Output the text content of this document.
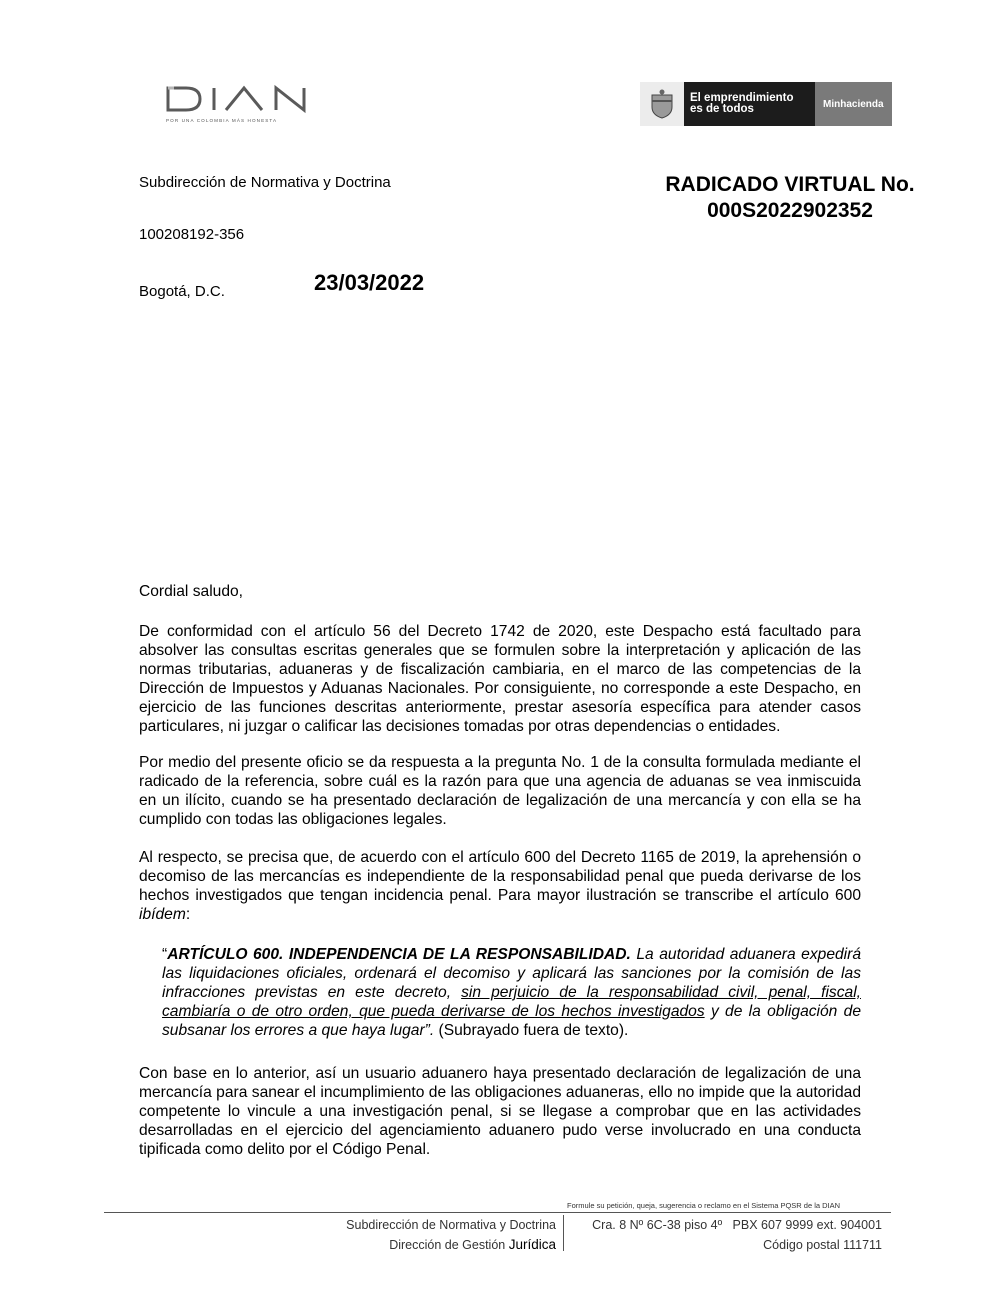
POR UNA COLOMBIA MÁS HONESTA
El emprendimiento
es de todos	Minhacienda
Subdirección de Normativa y Doctrina
100208192-356
Bogotá, D.C.	23/03/2022
RADICADO VIRTUAL No.
000S2022902352
Cordial saludo,

De conformidad con el artículo 56 del Decreto 1742 de 2020, este Despacho está facultado para absolver las consultas escritas generales que se formulen sobre la interpretación y aplicación de las normas tributarias, aduaneras y de fiscalización cambiaria, en el marco de las competencias de la Dirección de Impuestos y Aduanas Nacionales. Por consiguiente, no corresponde a este Despacho, en ejercicio de las funciones descritas anteriormente, prestar asesoría específica para atender casos particulares, ni juzgar o calificar las decisiones tomadas por otras dependencias o entidades.

Por medio del presente oficio se da respuesta a la pregunta No. 1 de la consulta formulada mediante el radicado de la referencia, sobre cuál es la razón para que una agencia de aduanas se vea inmiscuida en un ilícito, cuando se ha presentado declaración de legalización de una mercancía y con ella se ha cumplido con todas las obligaciones legales.

Al respecto, se precisa que, de acuerdo con el artículo 600 del Decreto 1165 de 2019, la aprehensión o decomiso de las mercancías es independiente de la responsabilidad penal que pueda derivarse de los hechos investigados que tengan incidencia penal. Para mayor ilustración se transcribe el artículo 600 ibídem:

“ARTÍCULO 600. INDEPENDENCIA DE LA RESPONSABILIDAD. La autoridad aduanera expedirá las liquidaciones oficiales, ordenará el decomiso y aplicará las sanciones por la comisión de las infracciones previstas en este decreto, sin perjuicio de la responsabilidad civil, penal, fiscal, cambiaría o de otro orden, que pueda derivarse de los hechos investigados y de la obligación de subsanar los errores a que haya lugar”. (Subrayado fuera de texto).

Con base en lo anterior, así un usuario aduanero haya presentado declaración de legalización de una mercancía para sanear el incumplimiento de las obligaciones aduaneras, ello no impide que la autoridad competente lo vincule a una investigación penal, si se llegase a comprobar que en las actividades desarrolladas en el ejercicio del agenciamiento aduanero pudo verse involucrado en una conducta tipificada como delito por el Código Penal.

Formule su petición, queja, sugerencia o reclamo en el Sistema PQSR de la DIAN
Subdirección de Normativa y Doctrina
Dirección de Gestión Jurídica
Cra. 8 Nº 6C-38 piso 4º   PBX 607 9999 ext. 904001
Código postal 111711
